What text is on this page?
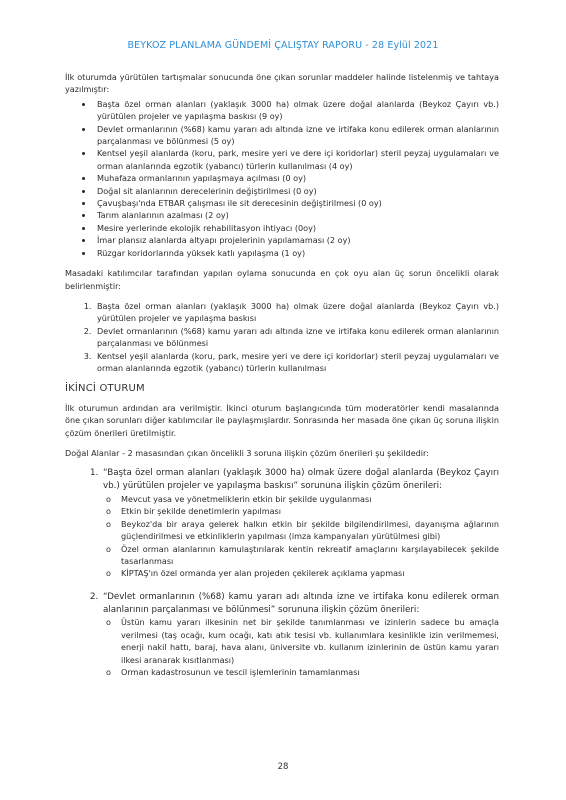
BEYKOZ PLANLAMA GÜNDEMİ ÇALIŞTAY RAPORU - 28 Eylül 2021

İlk oturumda yürütülen tartışmalar sonucunda öne çıkan sorunlar maddeler halinde listelenmiş ve tahtaya yazılmıştır:

• Başta özel orman alanları (yaklaşık 3000 ha) olmak üzere doğal alanlarda (Beykoz Çayırı vb.) yürütülen projeler ve yapılaşma baskısı (9 oy)
• Devlet ormanlarının (%68) kamu yararı adı altında izne ve irtifaka konu edilerek orman alanlarının parçalanması ve bölünmesi (5 oy)
• Kentsel yeşil alanlarda (koru, park, mesire yeri ve dere içi koridorlar) steril peyzaj uygulamaları ve orman alanlarında egzotik (yabancı) türlerin kullanılması (4 oy)
• Muhafaza ormanlarının yapılaşmaya açılması (0 oy)
• Doğal sit alanlarının derecelerinin değiştirilmesi (0 oy)
• Çavuşbaşı'nda ETBAR çalışması ile sit derecesinin değiştirilmesi (0 oy)
• Tarım alanlarının azalması (2 oy)
• Mesire yerlerinde ekolojik rehabilitasyon ihtiyacı (0oy)
• İmar plansız alanlarda altyapı projelerinin yapılamaması (2 oy)
• Rüzgar koridorlarında yüksek katlı yapılaşma (1 oy)

Masadaki katılımcılar tarafından yapılan oylama sonucunda en çok oyu alan üç sorun öncelikli olarak belirlenmiştir:

1. Başta özel orman alanları (yaklaşık 3000 ha) olmak üzere doğal alanlarda (Beykoz Çayırı vb.) yürütülen projeler ve yapılaşma baskısı
2. Devlet ormanlarının (%68) kamu yararı adı altında izne ve irtifaka konu edilerek orman alanlarının parçalanması ve bölünmesi
3. Kentsel yeşil alanlarda (koru, park, mesire yeri ve dere içi koridorlar) steril peyzaj uygulamaları ve orman alanlarında egzotik (yabancı) türlerin kullanılması
İKİNCİ OTURUM

İlk oturumun ardından ara verilmiştir. İkinci oturum başlangıcında tüm moderatörler kendi masalarında öne çıkan sorunları diğer katılımcılar ile paylaşmışlardır. Sonrasında her masada öne çıkan üç soruna ilişkin çözüm önerileri üretilmiştir.

Doğal Alanlar - 2 masasından çıkan öncelikli 3 soruna ilişkin çözüm önerileri şu şekildedir:

1. “Başta özel orman alanları (yaklaşık 3000 ha) olmak üzere doğal alanlarda (Beykoz Çayırı vb.) yürütülen projeler ve yapılaşma baskısı” sorununa ilişkin çözüm önerileri:
o Mevcut yasa ve yönetmeliklerin etkin bir şekilde uygulanması
o Etkin bir şekilde denetimlerin yapılması
o Beykoz'da bir araya gelerek halkın etkin bir şekilde bilgilendirilmesi, dayanışma ağlarının güçlendirilmesi ve etkinliklerin yapılması (imza kampanyaları yürütülmesi gibi)
o Özel orman alanlarının kamulaştırılarak kentin rekreatif amaçlarını karşılayabilecek şekilde tasarlanması
o KİPTAŞ'ın özel ormanda yer alan projeden çekilerek açıklama yapması
2. “Devlet ormanlarının (%68) kamu yararı adı altında izne ve irtifaka konu edilerek orman alanlarının parçalanması ve bölünmesi” sorununa ilişkin çözüm önerileri:
o Üstün kamu yararı ilkesinin net bir şekilde tanımlanması ve izinlerin sadece bu amaçla verilmesi (taş ocağı, kum ocağı, katı atık tesisi vb. kullanımlara kesinlikle izin verilmemesi, enerji nakil hattı, baraj, hava alanı, üniversite vb. kullanım izinlerinin de üstün kamu yararı ilkesi aranarak kısıtlanması)
o Orman kadastrosunun ve tescil işlemlerinin tamamlanması
28
